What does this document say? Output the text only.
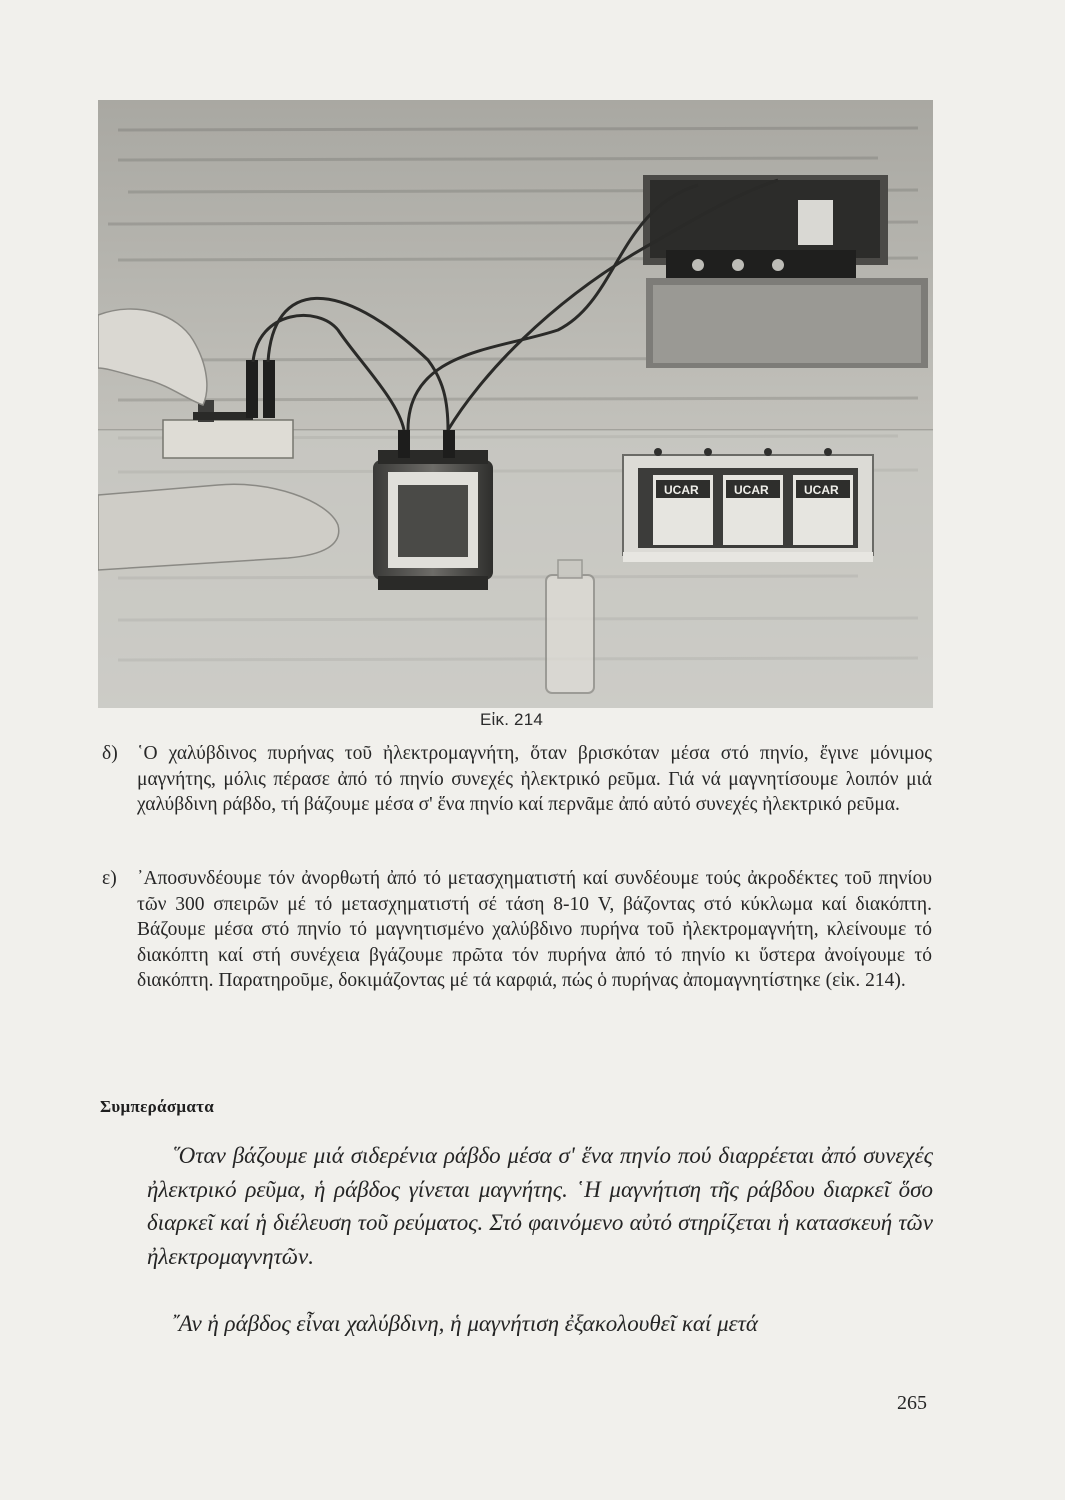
UCAR	UCAR	UCAR
Εἰκ. 214
δ) ῾Ο χαλύβδινος πυρήνας τοῦ ἠλεκτρομαγνήτη, ὅταν βρισκόταν μέσα στό πηνίο, ἔγινε μόνιμος μαγνήτης, μόλις πέρασε ἀπό τό πηνίο συνεχές ἠλεκτρικό ρεῦμα. Γιά νά μαγνητίσουμε λοιπόν μιά χαλύβδινη ράβδο, τή βάζουμε μέσα σ' ἕνα πηνίο καί περνᾶμε ἀπό αὐτό συνεχές ἠλεκτρικό ρεῦμα.
ε) ᾿Αποσυνδέουμε τόν ἀνορθωτή ἀπό τό μετασχηματιστή καί συνδέουμε τούς ἀκροδέκτες τοῦ πηνίου τῶν 300 σπειρῶν μέ τό μετασχηματιστή σέ τάση 8-10 V, βάζοντας στό κύκλωμα καί διακόπτη. Βάζουμε μέσα στό πηνίο τό μαγνητισμένο χαλύβδινο πυρήνα τοῦ ἠλεκτρομαγνήτη, κλείνουμε τό διακόπτη καί στή συνέχεια βγάζουμε πρῶτα τόν πυρήνα ἀπό τό πηνίο κι ὕστερα ἀνοίγουμε τό διακόπτη. Παρατηροῦμε, δοκιμάζοντας μέ τά καρφιά, πώς ὁ πυρήνας ἀπομαγνητίστηκε (εἰκ. 214).
Συμπεράσματα
῞Οταν βάζουμε μιά σιδερένια ράβδο μέσα σ' ἕνα πηνίο πού διαρρέεται ἀπό συνεχές ἠλεκτρικό ρεῦμα, ἡ ράβδος γίνεται μαγνήτης. ῾Η μαγνήτιση τῆς ράβδου διαρκεῖ ὅσο διαρκεῖ καί ἡ διέλευση τοῦ ρεύματος. Στό φαινόμενο αὐτό στηρίζεται ἡ κατασκευή τῶν ἠλεκτρομαγνητῶν.
῎Αν ἡ ράβδος εἶναι χαλύβδινη, ἡ μαγνήτιση ἐξακολουθεῖ καί μετά
265
